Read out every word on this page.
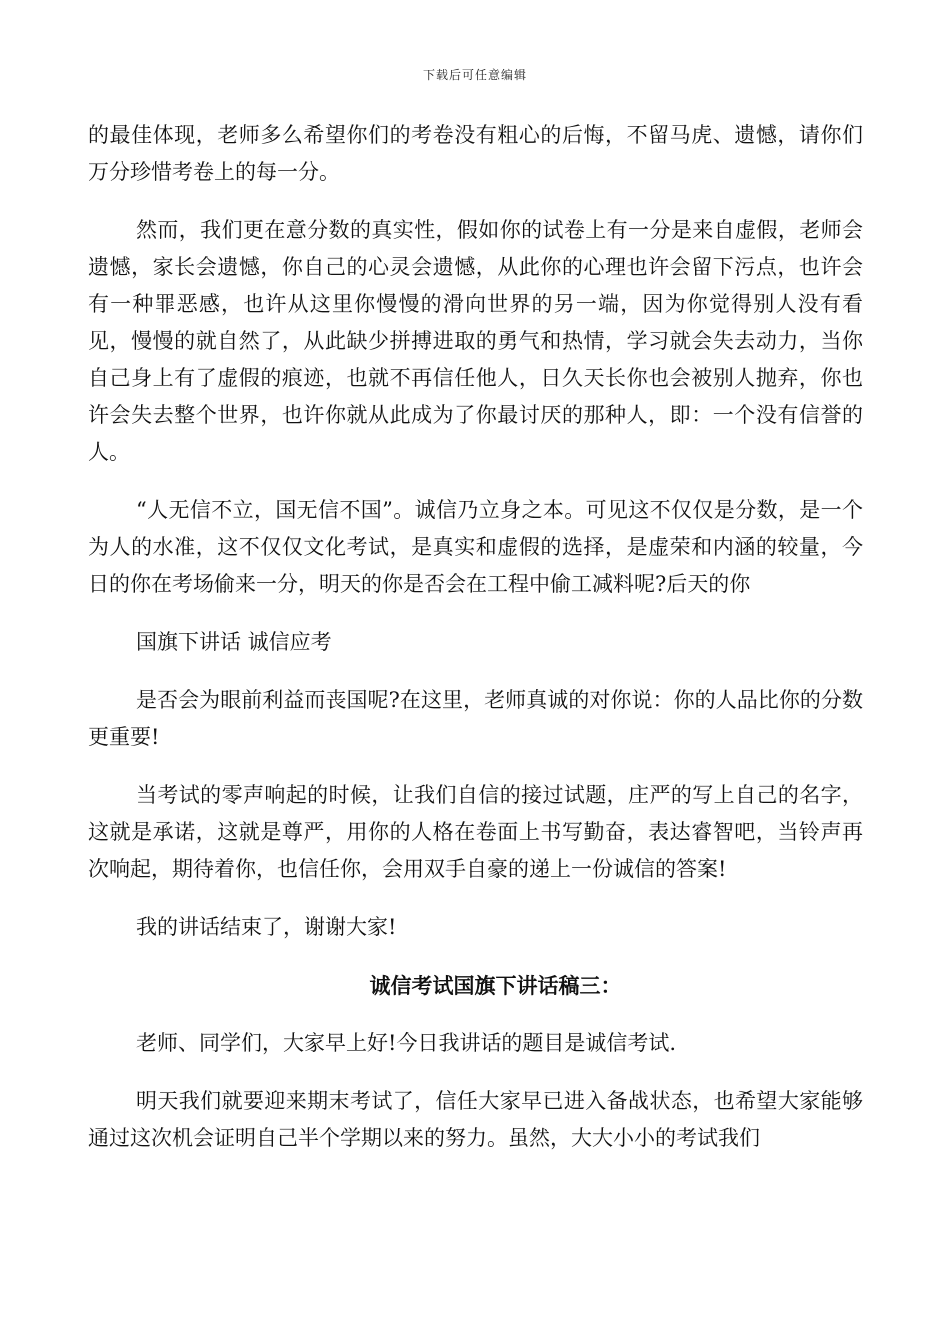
下载后可任意编辑

的最佳体现，老师多么希望你们的考卷没有粗心的后悔，不留马虎、遗憾，请你们万分珍惜考卷上的每一分。

然而，我们更在意分数的真实性，假如你的试卷上有一分是来自虚假，老师会遗憾，家长会遗憾，你自己的心灵会遗憾，从此你的心理也许会留下污点，也许会有一种罪恶感，也许从这里你慢慢的滑向世界的另一端，因为你觉得别人没有看见，慢慢的就自然了，从此缺少拼搏进取的勇气和热情，学习就会失去动力，当你自己身上有了虚假的痕迹，也就不再信任他人，日久天长你也会被别人抛弃，你也许会失去整个世界，也许你就从此成为了你最讨厌的那种人，即：一个没有信誉的人。

“人无信不立，国无信不国”。诚信乃立身之本。可见这不仅仅是分数，是一个为人的水准，这不仅仅文化考试，是真实和虚假的选择，是虚荣和内涵的较量，今日的你在考场偷来一分，明天的你是否会在工程中偷工减料呢?后天的你

国旗下讲话 诚信应考

是否会为眼前利益而丧国呢?在这里，老师真诚的对你说：你的人品比你的分数更重要!

当考试的零声响起的时候，让我们自信的接过试题，庄严的写上自己的名字，这就是承诺，这就是尊严，用你的人格在卷面上书写勤奋，表达睿智吧，当铃声再次响起，期待着你，也信任你，会用双手自豪的递上一份诚信的答案!

我的讲话结束了，谢谢大家!

诚信考试国旗下讲话稿三：

老师、同学们，大家早上好!今日我讲话的题目是诚信考试.

明天我们就要迎来期末考试了，信任大家早已进入备战状态，也希望大家能够通过这次机会证明自己半个学期以来的努力。虽然，大大小小的考试我们
